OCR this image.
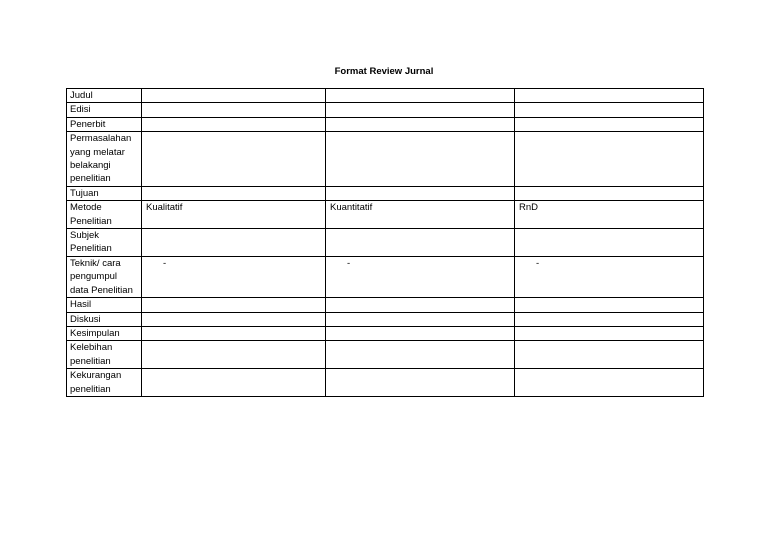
Format Review Jurnal
Judul			
Edisi			
Penerbit			
Permasalahan yang melatar belakangi penelitian			
Tujuan			
Metode Penelitian	Kualitatif	Kuantitatif	RnD
Subjek Penelitian			
Teknik/ cara pengumpul data Penelitian	-	-	-
Hasil			
Diskusi			
Kesimpulan			
Kelebihan penelitian			
Kekurangan penelitian			
